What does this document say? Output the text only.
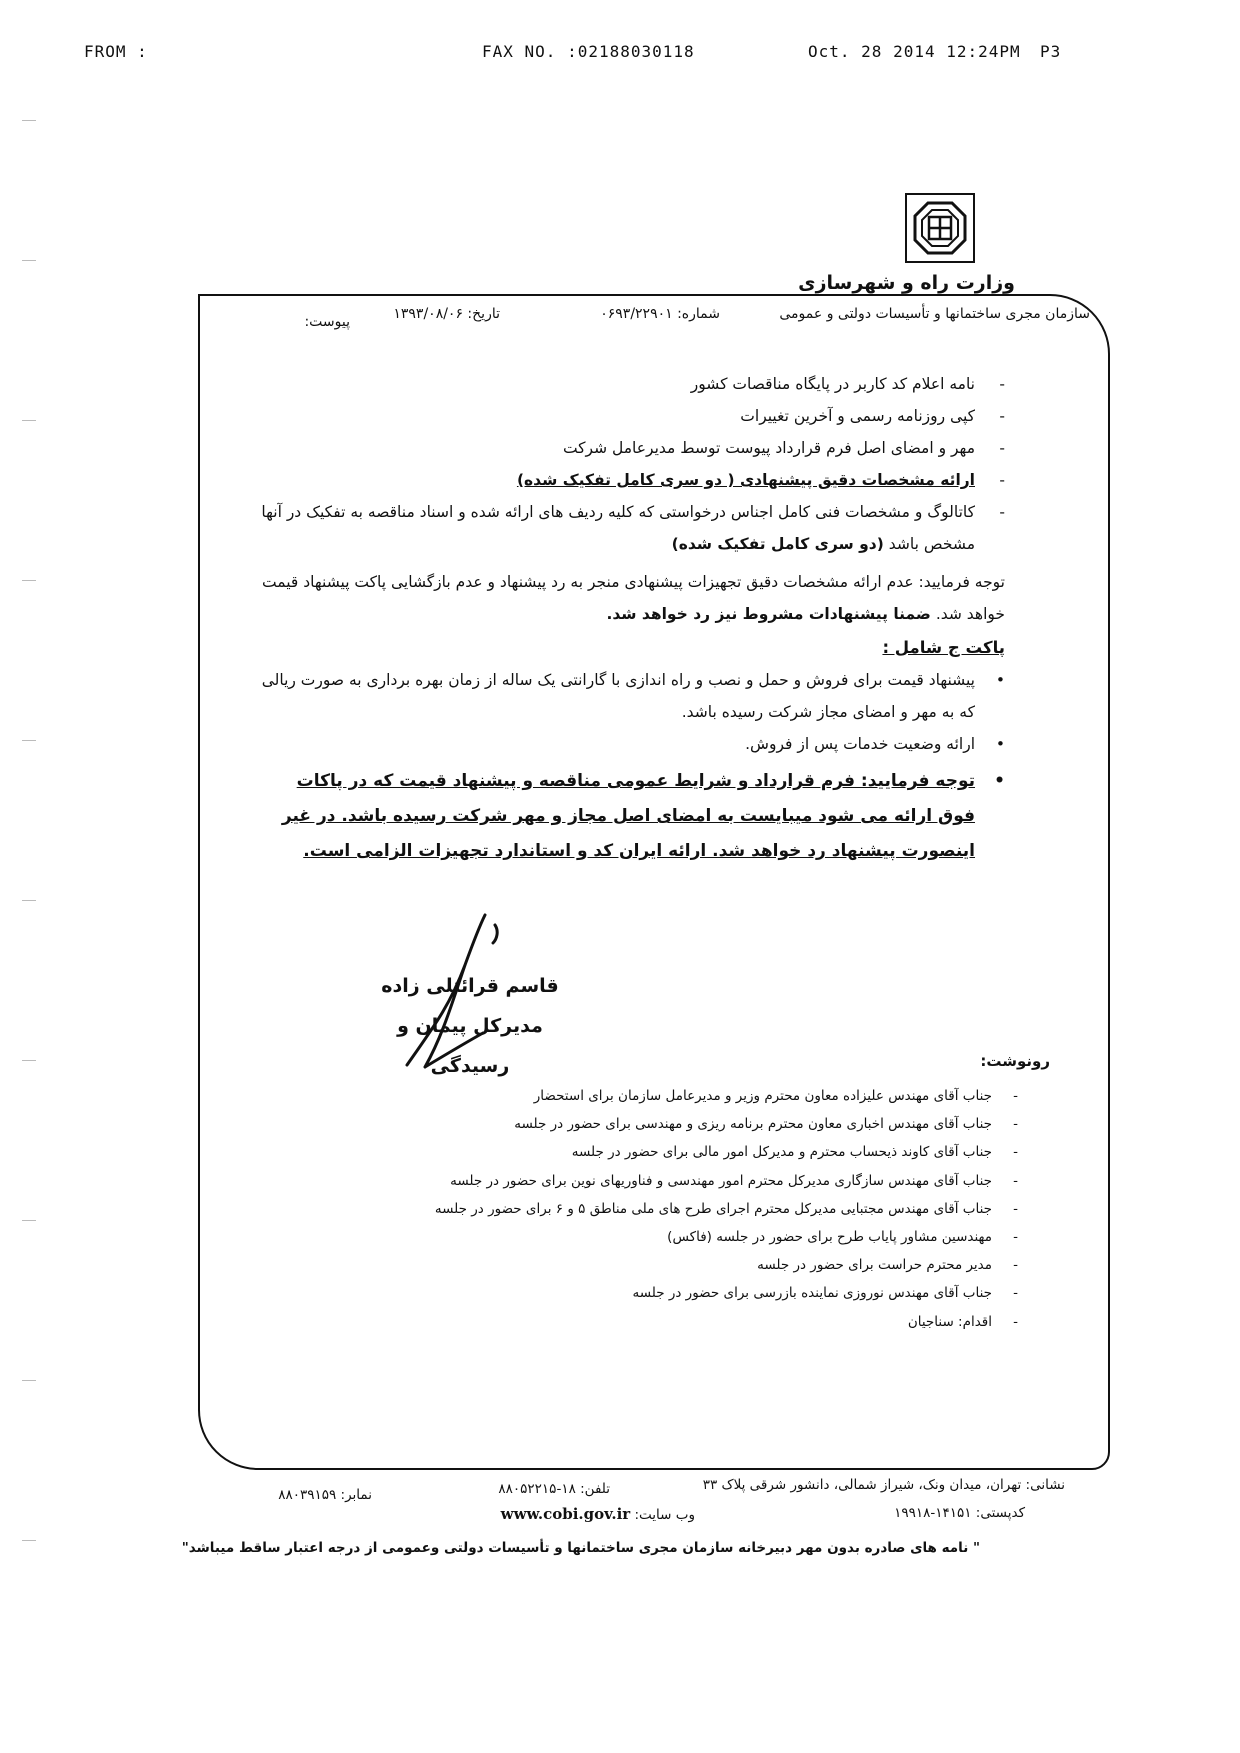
FROM :	FAX NO. :02188030118	Oct. 28 2014 12:24PM P3
وزارت راه و شهرسازی
سازمان مجری ساختمانها و تأسیسات دولتی و عمومی
شماره: ۰۶۹۳/۲۲۹۰۱
تاریخ: ۱۳۹۳/۰۸/۰۶
پیوست:
-
نامه اعلام کد کاربر در پایگاه مناقصات کشور
-
کپی روزنامه رسمی و آخرین تغییرات
-
مهر و امضای اصل فرم قرارداد پیوست توسط مدیرعامل شرکت
-
ارائه مشخصات دقیق پیشنهادی ( دو سری کامل تفکیک شده)
-
کاتالوگ و مشخصات فنی کامل اجناس درخواستی که کلیه ردیف های ارائه شده و اسناد مناقصه به تفکیک در آنها مشخص باشد (دو سری کامل تفکیک شده)
توجه فرمایید: عدم ارائه مشخصات دقیق تجهیزات پیشنهادی منجر به رد پیشنهاد و عدم بازگشایی پاکت پیشنهاد قیمت خواهد شد. ضمنا پیشنهادات مشروط نیز رد خواهد شد.
پاکت ج شامل :
•
پیشنهاد قیمت برای فروش و حمل و نصب و راه اندازی با گارانتی یک ساله از زمان بهره برداری به صورت ریالی که به مهر و امضای مجاز شرکت رسیده باشد.
•
ارائه وضعیت خدمات پس از فروش.
•
توجه فرمایید: فرم قرارداد و شرایط عمومی مناقصه و پیشنهاد قیمت که در پاکات فوق ارائه می شود میبایست به امضای اصل مجاز و مهر شرکت رسیده باشد. در غیر اینصورت پیشنهاد رد خواهد شد. ارائه ایران کد و استاندارد تجهیزات الزامی است.
قاسم قرائتلی زاده
مدیرکل پیمان و رسیدگی	رونوشت:
-
جناب آقای مهندس علیزاده معاون محترم وزیر و مدیرعامل سازمان برای استحضار
-
جناب آقای مهندس اخباری معاون محترم برنامه ریزی و مهندسی برای حضور در جلسه
-
جناب آقای کاوند ذیحساب محترم و مدیرکل امور مالی برای حضور در جلسه
-
جناب آقای مهندس سازگاری مدیرکل محترم امور مهندسی و فناوریهای نوین برای حضور در جلسه
-
جناب آقای مهندس مجتبایی مدیرکل محترم اجرای طرح های ملی مناطق ۵ و ۶ برای حضور در جلسه
-
مهندسین مشاور پایاب طرح برای حضور در جلسه (فاکس)
-
مدیر محترم حراست برای حضور در جلسه
-
جناب آقای مهندس نوروزی نماینده بازرسی برای حضور در جلسه
-
اقدام: سناجیان
نشانی: تهران، میدان ونک، شیراز شمالی، دانشور شرقی پلاک ۳۳
کدپستی: ۱۴۱۵۱-۱۹۹۱۸
تلفن: ۱۸-۸۸۰۵۲۲۱۵
وب سایت: www.cobi.gov.ir
نمابر: ۸۸۰۳۹۱۵۹
" نامه های صادره بدون مهر دبیرخانه سازمان مجری ساختمانها و تأسیسات دولتی وعمومی از درجه اعتبار ساقط میباشد"
